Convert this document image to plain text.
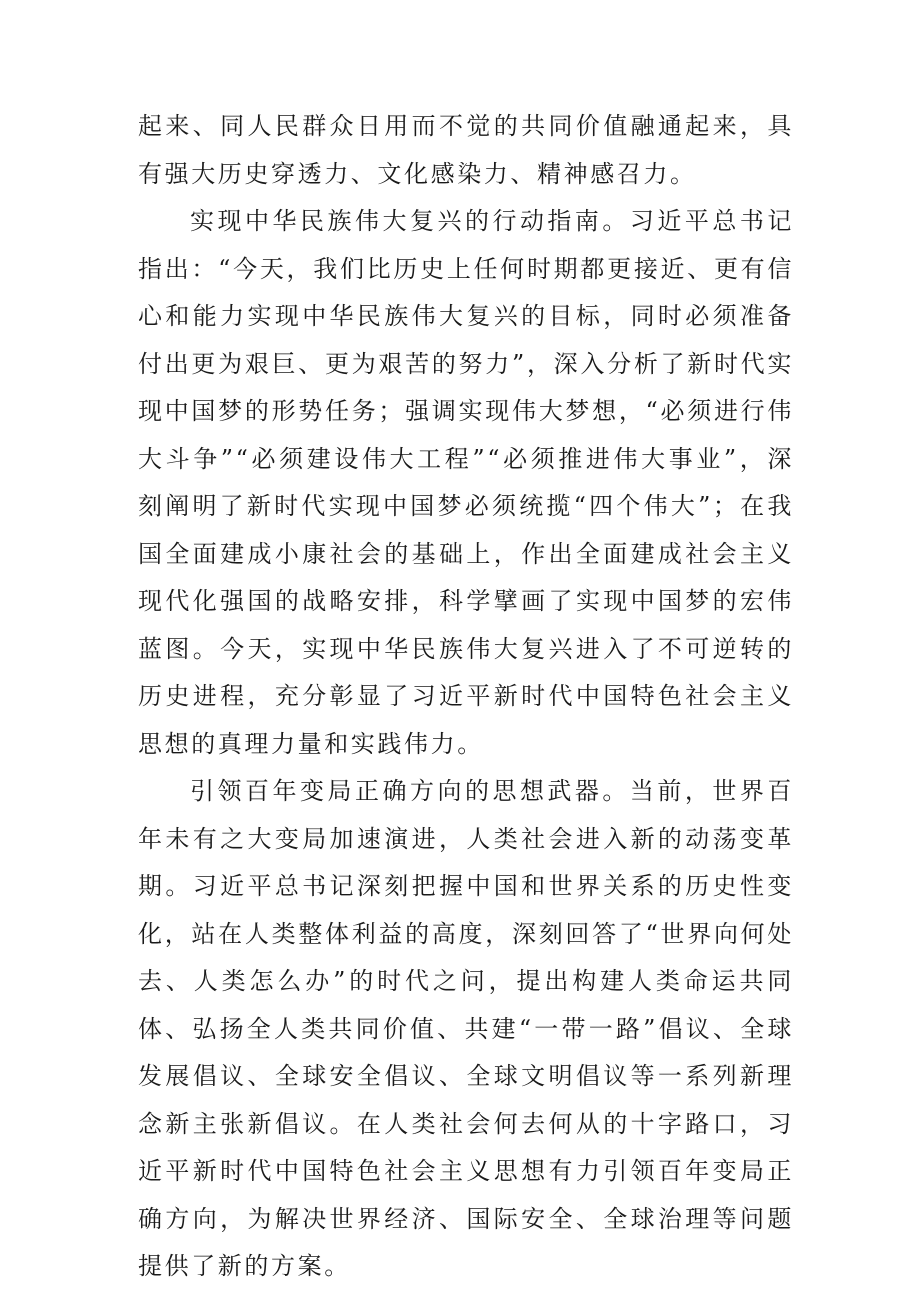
起来、同人民群众日用而不觉的共同价值融通起来，具有强大历史穿透力、文化感染力、精神感召力。

实现中华民族伟大复兴的行动指南。习近平总书记指出：“今天，我们比历史上任何时期都更接近、更有信心和能力实现中华民族伟大复兴的目标，同时必须准备付出更为艰巨、更为艰苦的努力”，深入分析了新时代实现中国梦的形势任务；强调实现伟大梦想，“必须进行伟大斗争”“必须建设伟大工程”“必须推进伟大事业”，深刻阐明了新时代实现中国梦必须统揽“四个伟大”；在我国全面建成小康社会的基础上，作出全面建成社会主义现代化强国的战略安排，科学擘画了实现中国梦的宏伟蓝图。今天，实现中华民族伟大复兴进入了不可逆转的历史进程，充分彰显了习近平新时代中国特色社会主义思想的真理力量和实践伟力。

引领百年变局正确方向的思想武器。当前，世界百年未有之大变局加速演进，人类社会进入新的动荡变革期。习近平总书记深刻把握中国和世界关系的历史性变化，站在人类整体利益的高度，深刻回答了“世界向何处去、人类怎么办”的时代之问，提出构建人类命运共同体、弘扬全人类共同价值、共建“一带一路”倡议、全球发展倡议、全球安全倡议、全球文明倡议等一系列新理念新主张新倡议。在人类社会何去何从的十字路口，习近平新时代中国特色社会主义思想有力引领百年变局正确方向，为解决世界经济、国际安全、全球治理等问题提供了新的方案。
